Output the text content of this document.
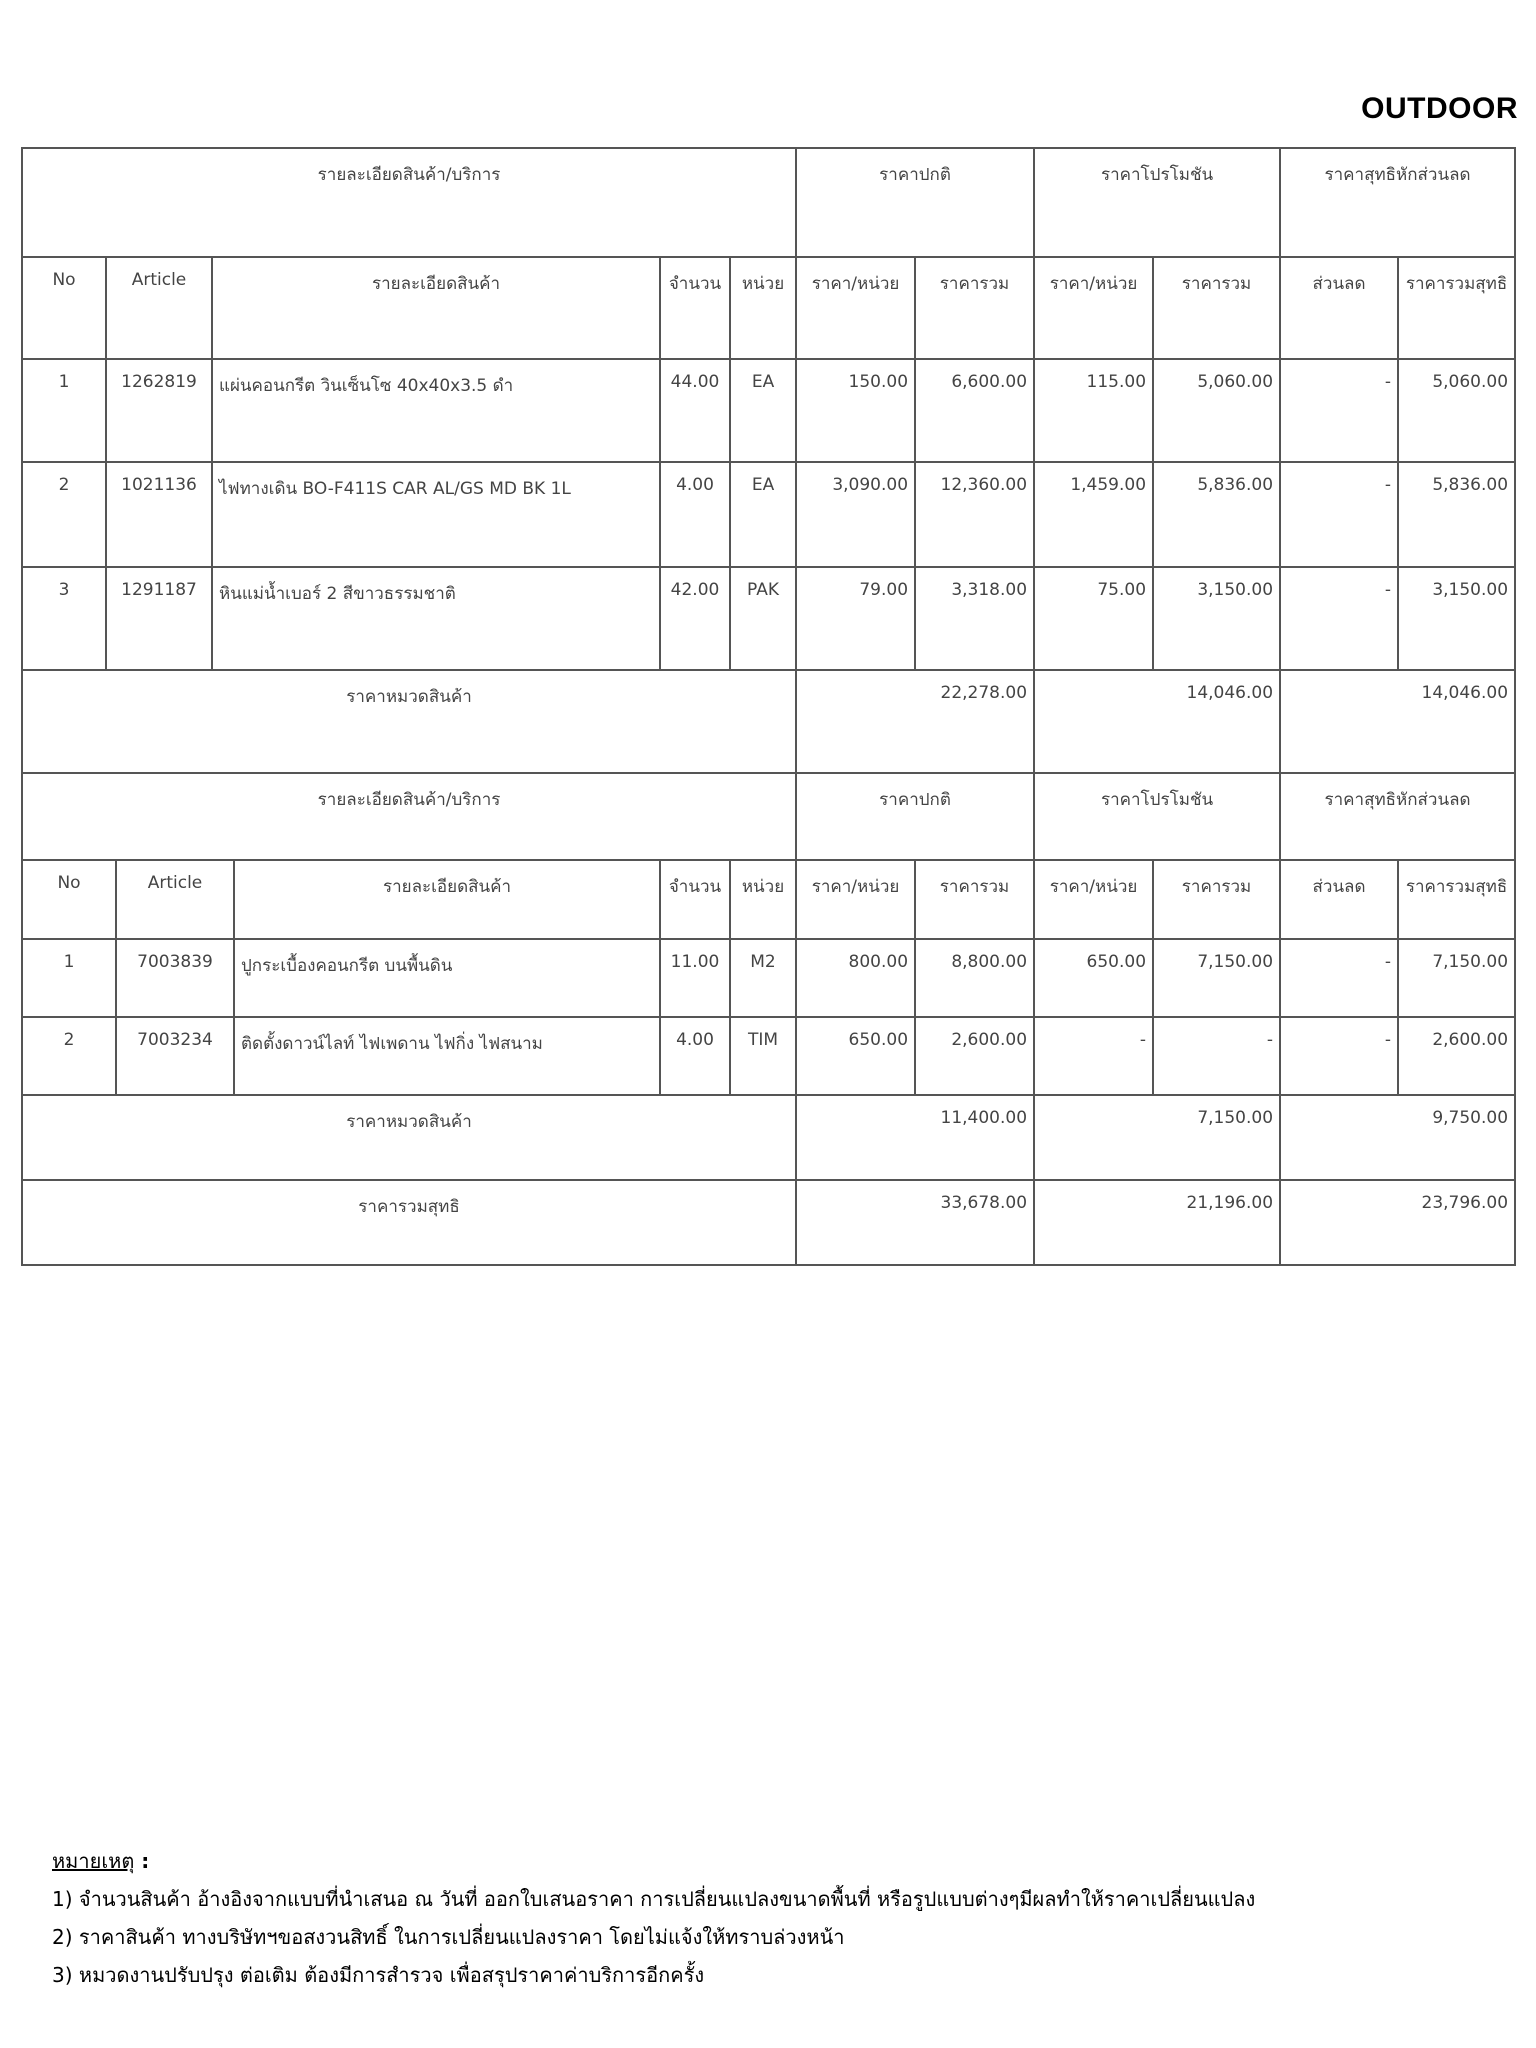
OUTDOOR
รายละเอียดสินค้า/บริการ					ราคาปกติ		ราคาโปรโมชัน		ราคาสุทธิหักส่วนลด	
No	Article	รายละเอียดสินค้า	จำนวน	หน่วย	ราคา/หน่วย	ราคารวม	ราคา/หน่วย	ราคารวม	ส่วนลด	ราคารวมสุทธิ
1	1262819	แผ่นคอนกรีต วินเซ็นโซ 40x40x3.5 ดำ	44.00	EA	150.00	6,600.00	115.00	5,060.00	-	5,060.00
2	1021136	ไฟทางเดิน BO-F411S CAR AL/GS MD BK 1L	4.00	EA	3,090.00	12,360.00	1,459.00	5,836.00	-	5,836.00
3	1291187	หินแม่น้ำเบอร์ 2 สีขาวธรรมชาติ	42.00	PAK	79.00	3,318.00	75.00	3,150.00	-	3,150.00
ราคาหมวดสินค้า					22,278.00		14,046.00		14,046.00	
รายละเอียดสินค้า/บริการ					ราคาปกติ		ราคาโปรโมชัน		ราคาสุทธิหักส่วนลด	
No	Article	รายละเอียดสินค้า	จำนวน	หน่วย	ราคา/หน่วย	ราคารวม	ราคา/หน่วย	ราคารวม	ส่วนลด	ราคารวมสุทธิ
1	7003839	ปูกระเบื้องคอนกรีต บนพื้นดิน	11.00	M2	800.00	8,800.00	650.00	7,150.00	-	7,150.00
2	7003234	ติดตั้งดาวน์ไลท์ ไฟเพดาน ไฟกิ่ง ไฟสนาม	4.00	TIM	650.00	2,600.00	-	-	-	2,600.00
ราคาหมวดสินค้า					11,400.00		7,150.00		9,750.00	
ราคารวมสุทธิ					33,678.00		21,196.00		23,796.00	
หมายเหตุ :
1) จำนวนสินค้า อ้างอิงจากแบบที่นำเสนอ ณ วันที่ ออกใบเสนอราคา การเปลี่ยนแปลงขนาดพื้นที่ หรือรูปแบบต่างๆมีผลทำให้ราคาเปลี่ยนแปลง
2) ราคาสินค้า ทางบริษัทฯขอสงวนสิทธิ์ ในการเปลี่ยนแปลงราคา โดยไม่แจ้งให้ทราบล่วงหน้า
3) หมวดงานปรับปรุง ต่อเติม ต้องมีการสำรวจ เพื่อสรุปราคาค่าบริการอีกครั้ง
